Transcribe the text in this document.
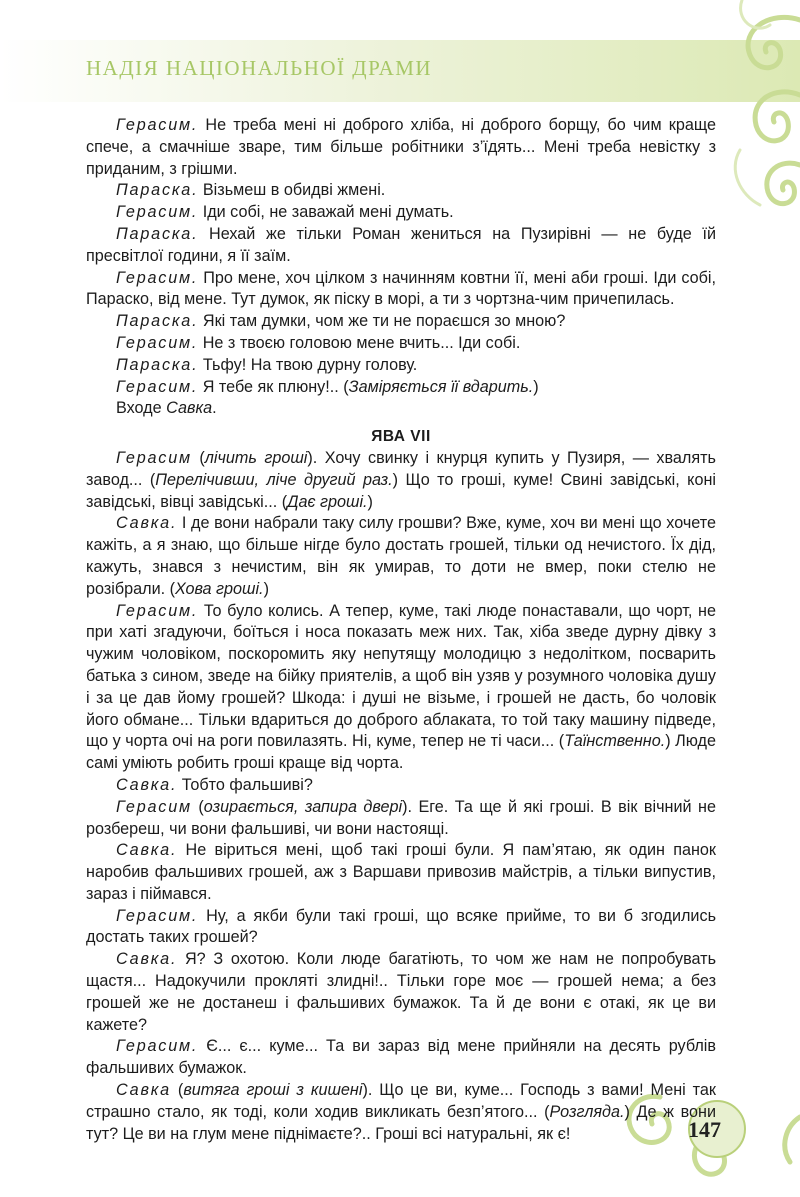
НАДІЯ НАЦІОНАЛЬНОЇ ДРАМИ
147

Герасим. Не треба мені ні доброго хліба, ні доброго борщу, бо чим краще спече, а смачніше зваре, тим більше робітники з’їдять... Мені треба невістку з приданим, з грішми.

Параска. Візьмеш в обидві жмені.

Герасим. Іди собі, не заважай мені думать.

Параска. Нехай же тільки Роман жениться на Пузирівні — не буде їй пресвітлої години, я її заїм.

Герасим. Про мене, хоч цілком з начинням ковтни її, мені аби гроші. Іди собі, Параско, від мене. Тут думок, як піску в морі, а ти з чортзна-чим причепилась.

Параска. Які там думки, чом же ти не пораєшся зо мною?

Герасим. Не з твоєю головою мене вчить... Іди собі.

Параска. Тьфу! На твою дурну голову.

Герасим. Я тебе як плюну!.. (Заміряється її вдарить.)

Входе Савка.

ЯВА VII

Герасим (лічить гроші). Хочу свинку і кнурця купить у Пузиря, — хвалять завод... (Перелічивши, ліче другий раз.) Що то гроші, куме! Свині завідські, коні завідські, вівці завідські... (Дає гроші.)

Савка. І де вони набрали таку силу грошви? Вже, куме, хоч ви мені що хочете кажіть, а я знаю, що більше нігде було достать грошей, тільки од нечистого. Їх дід, кажуть, знався з нечистим, він як умирав, то доти не вмер, поки стелю не розібрали. (Хова гроші.)

Герасим. То було колись. А тепер, куме, такі люде понаставали, що чорт, не при хаті згадуючи, боїться і носа показать меж них. Так, хіба зведе дурну дівку з чужим чоловіком, поскоромить яку непутящу молодицю з недолітком, посварить батька з сином, зведе на бійку приятелів, а щоб він узяв у розумного чоловіка душу і за це дав йому грошей? Шкода: і душі не візьме, і грошей не дасть, бо чоловік його обмане... Тільки вдариться до доброго аблаката, то той таку машину підведе, що у чорта очі на роги повилазять. Ні, куме, тепер не ті часи... (Таїнственно.) Люде самі уміють робить гроші краще від чорта.

Савка. Тобто фальшиві?

Герасим (озирається, запира двері). Еге. Та ще й які гроші. В вік вічний не розбереш, чи вони фальшиві, чи вони настоящі.

Савка. Не віриться мені, щоб такі гроші були. Я пам’ятаю, як один панок наробив фальшивих грошей, аж з Варшави привозив майстрів, а тільки випустив, зараз і піймався.

Герасим. Ну, а якби були такі гроші, що всяке прийме, то ви б згодились достать таких грошей?

Савка. Я? З охотою. Коли люде багатіють, то чом же нам не попробувать щастя... Надокучили прокляті злидні!.. Тільки горе моє — грошей нема; а без грошей же не достанеш і фальшивих бумажок. Та й де вони є отакі, як це ви кажете?

Герасим. Є... є... куме... Та ви зараз від мене прийняли на десять рублів фальшивих бумажок.

Савка (витяга гроші з кишені). Що це ви, куме... Господь з вами! Мені так страшно стало, як тоді, коли ходив викликать безп’ятого... (Розгляда.) Де ж вони тут? Це ви на глум мене піднімаєте?.. Гроші всі натуральні, як є!
